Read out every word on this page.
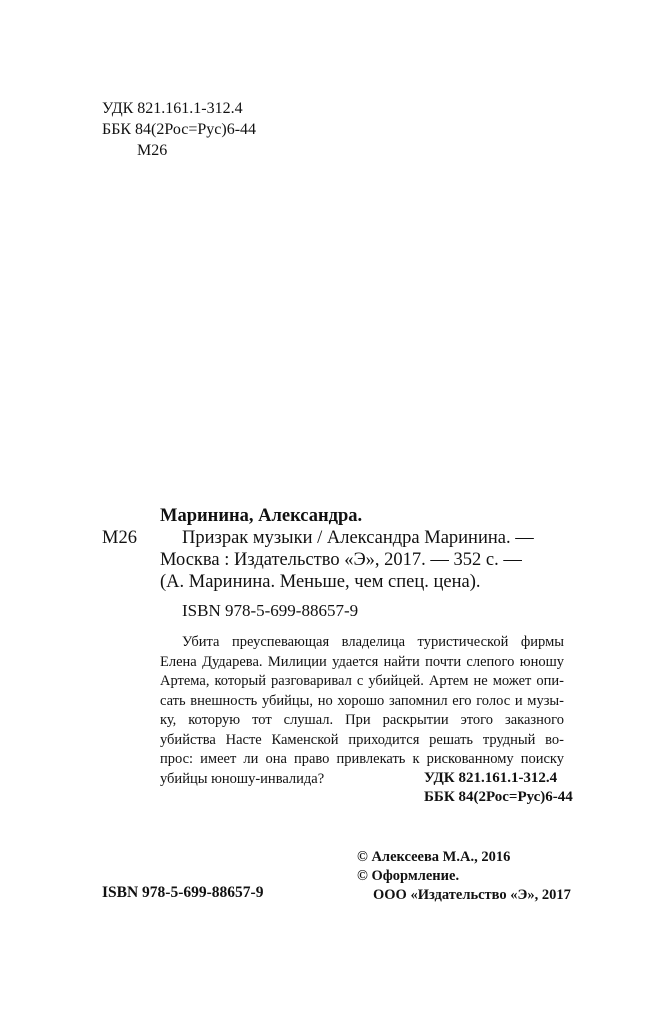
УДК 821.161.1-312.4
ББК 84(2Рос=Рус)6-44
М26
Маринина, Александра.
М26 Призрак музыки / Александра Маринина. —
Москва : Издательство «Э», 2017. — 352 с. —
(А. Маринина. Меньше, чем спец. цена).
ISBN 978-5-699-88657-9
Убита преуспевающая владелица туристической фирмы
Елена Дударева. Милиции удается найти почти слепого юношу
Артема, который разговаривал с убийцей. Артем не может опи-
сать внешность убийцы, но хорошо запомнил его голос и музы-
ку, которую тот слушал. При раскрытии этого заказного
убийства Насте Каменской приходится решать трудный во-
прос: имеет ли она право привлекать к рискованному поиску
убийцы юношу-инвалида?	УДК 821.161.1-312.4
ББК 84(2Рос=Рус)6-44
© Алексеева М.А., 2016
© Оформление.
ООО «Издательство «Э», 2017
ISBN 978-5-699-88657-9
